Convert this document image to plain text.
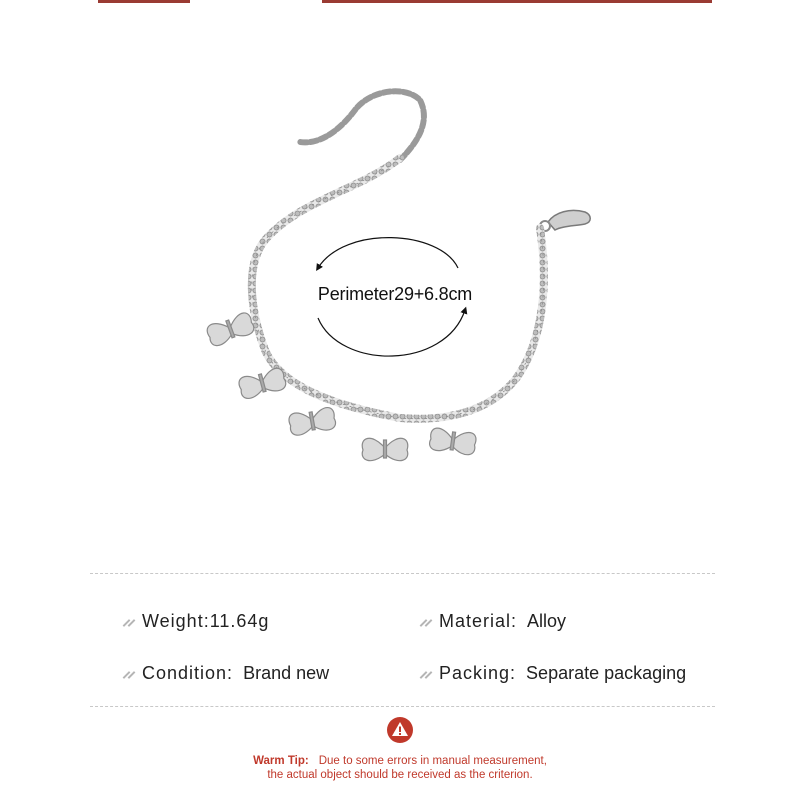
Perimeter29+6.8cm
Weight: 11.64g	Material: Alloy
Condition: Brand new	Packing: Separate packaging
Warm Tip: Due to some errors in manual measurement,
the actual object should be received as the criterion.
